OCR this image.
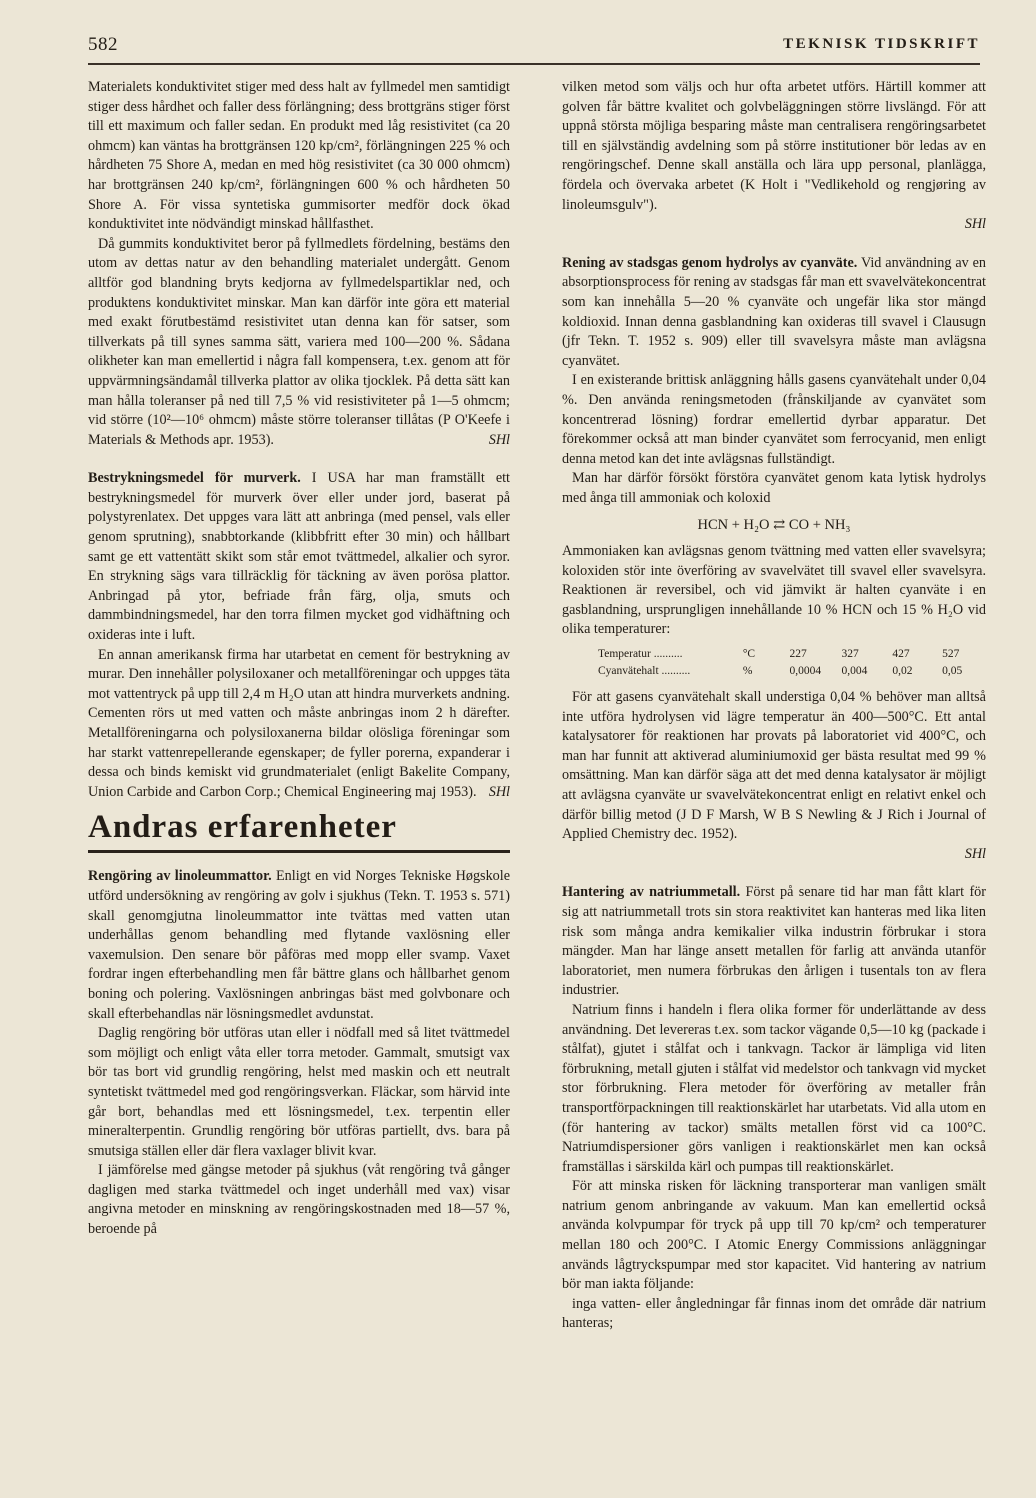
582	TEKNISK TIDSKRIFT

Materialets konduktivitet stiger med dess halt av fyllmedel men samtidigt stiger dess hårdhet och faller dess förlängning; dess brottgräns stiger först till ett maximum och faller sedan. En produkt med låg resistivitet (ca 20 ohmcm) kan väntas ha brottgränsen 120 kp/cm², förlängningen 225 % och hårdheten 75 Shore A, medan en med hög resistivitet (ca 30 000 ohmcm) har brottgränsen 240 kp/cm², förlängningen 600 % och hårdheten 50 Shore A. För vissa syntetiska gummisorter medför dock ökad konduktivitet inte nödvändigt minskad hållfasthet.

Då gummits konduktivitet beror på fyllmedlets fördelning, bestäms den utom av dettas natur av den behandling materialet undergått. Genom alltför god blandning bryts kedjorna av fyllmedelspartiklar ned, och produktens konduktivitet minskar. Man kan därför inte göra ett material med exakt förutbestämd resistivitet utan denna kan för satser, som tillverkats på till synes samma sätt, variera med 100—200 %. Sådana olikheter kan man emellertid i några fall kompensera, t.ex. genom att för uppvärmningsändamål tillverka plattor av olika tjocklek. På detta sätt kan man hålla toleranser på ned till 7,5 % vid resistiviteter på 1—5 ohmcm; vid större (10²—10⁶ ohmcm) måste större toleranser tillåtas (P O'Keefe i Materials & Methods apr. 1953).	SHl

Bestrykningsmedel för murverk. I USA har man framställt ett bestrykningsmedel för murverk över eller under jord, baserat på polystyrenlatex. Det uppges vara lätt att anbringa (med pensel, vals eller genom sprutning), snabbtorkande (klibbfritt efter 30 min) och hållbart samt ge ett vattentätt skikt som står emot tvättmedel, alkalier och syror. En strykning sägs vara tillräcklig för täckning av även porösa plattor. Anbringad på ytor, befriade från färg, olja, smuts och dammbindningsmedel, har den torra filmen mycket god vidhäftning och oxideras inte i luft.

En annan amerikansk firma har utarbetat en cement för bestrykning av murar. Den innehåller polysiloxaner och metallföreningar och uppges täta mot vattentryck på upp till 2,4 m H₂O utan att hindra murverkets andning. Cementen rörs ut med vatten och måste anbringas inom 2 h därefter. Metallföreningarna och polysiloxanerna bildar olösliga föreningar som har starkt vattenrepellerande egenskaper; de fyller porerna, expanderar i dessa och binds kemiskt vid grundmaterialet (enligt Bakelite Company, Union Carbide and Carbon Corp.; Chemical Engineering maj 1953). SHl

Andras erfarenheter

Rengöring av linoleummattor. Enligt en vid Norges Tekniske Høgskole utförd undersökning av rengöring av golv i sjukhus (Tekn. T. 1953 s. 571) skall genomgjutna linoleummattor inte tvättas med vatten utan underhållas genom behandling med flytande vaxlösning eller vaxemulsion. Den senare bör påföras med mopp eller svamp. Vaxet fordrar ingen efterbehandling men får bättre glans och hållbarhet genom boning och polering. Vaxlösningen anbringas bäst med golvbonare och skall efterbehandlas när lösningsmedlet avdunstat.

Daglig rengöring bör utföras utan eller i nödfall med så litet tvättmedel som möjligt och enligt våta eller torra metoder. Gammalt, smutsigt vax bör tas bort vid grundlig rengöring, helst med maskin och ett neutralt syntetiskt tvättmedel med god rengöringsverkan. Fläckar, som härvid inte går bort, behandlas med ett lösningsmedel, t.ex. terpentin eller mineralterpentin. Grundlig rengöring bör utföras partiellt, dvs. bara på smutsiga ställen eller där flera vaxlager blivit kvar.

I jämförelse med gängse metoder på sjukhus (våt rengöring två gånger dagligen med starka tvättmedel och inget underhåll med vax) visar angivna metoder en minskning av rengöringskostnaden med 18—57 %, beroende på

vilken metod som väljs och hur ofta arbetet utförs. Härtill kommer att golven får bättre kvalitet och golvbeläggningen större livslängd. För att uppnå största möjliga besparing måste man centralisera rengöringsarbetet till en självständig avdelning som på större institutioner bör ledas av en rengöringschef. Denne skall anställa och lära upp personal, planlägga, fördela och övervaka arbetet (K Holt i "Vedlikehold og rengjøring av linoleumsgulv").

SHl

Rening av stadsgas genom hydrolys av cyanväte. Vid användning av en absorptionsprocess för rening av stadsgas får man ett svavelvätekoncentrat som kan innehålla 5—20 % cyanväte och ungefär lika stor mängd koldioxid. Innan denna gasblandning kan oxideras till svavel i Clausugn (jfr Tekn. T. 1952 s. 909) eller till svavelsyra måste man avlägsna cyanvätet.

I en existerande brittisk anläggning hålls gasens cyanvätehalt under 0,04 %. Den använda reningsmetoden (frånskiljande av cyanvätet som koncentrerad lösning) fordrar emellertid dyrbar apparatur. Det förekommer också att man binder cyanvätet som ferrocyanid, men enligt denna metod kan det inte avlägsnas fullständigt.

Man har därför försökt förstöra cyanvätet genom kata lytisk hydrolys med ånga till ammoniak och koloxid

HCN + H₂O ⇄ CO + NH₃

Ammoniaken kan avlägsnas genom tvättning med vatten eller svavelsyra; koloxiden stör inte överföring av svavelvätet till svavel eller svavelsyra. Reaktionen är reversibel, och vid jämvikt är halten cyanväte i en gasblandning, ursprungligen innehållande 10 % HCN och 15 % H₂O vid olika temperaturer:

Temperatur ..........	°C	227	327	427	527
Cyanvätehalt ..........	%	0,0004	0,004	0,02	0,05

För att gasens cyanvätehalt skall understiga 0,04 % behöver man alltså inte utföra hydrolysen vid lägre temperatur än 400—500°C. Ett antal katalysatorer för reaktionen har provats på laboratoriet vid 400°C, och man har funnit att aktiverad aluminiumoxid ger bästa resultat med 99 % omsättning. Man kan därför säga att det med denna katalysator är möjligt att avlägsna cyanväte ur svavelvätekoncentrat enligt en relativt enkel och därför billig metod (J D F Marsh, W B S Newling & J Rich i Journal of Applied Chemistry dec. 1952).

SHl

Hantering av natriummetall. Först på senare tid har man fått klart för sig att natriummetall trots sin stora reaktivitet kan hanteras med lika liten risk som många andra kemikalier vilka industrin förbrukar i stora mängder. Man har länge ansett metallen för farlig att använda utanför laboratoriet, men numera förbrukas den årligen i tusentals ton av flera industrier.

Natrium finns i handeln i flera olika former för underlättande av dess användning. Det levereras t.ex. som tackor vägande 0,5—10 kg (packade i stålfat), gjutet i stålfat och i tankvagn. Tackor är lämpliga vid liten förbrukning, metall gjuten i stålfat vid medelstor och tankvagn vid mycket stor förbrukning. Flera metoder för överföring av metaller från transportförpackningen till reaktionskärlet har utarbetats. Vid alla utom en (för hantering av tackor) smälts metallen först vid ca 100°C. Natriumdispersioner görs vanligen i reaktionskärlet men kan också framställas i särskilda kärl och pumpas till reaktionskärlet.

För att minska risken för läckning transporterar man vanligen smält natrium genom anbringande av vakuum. Man kan emellertid också använda kolvpumpar för tryck på upp till 70 kp/cm² och temperaturer mellan 180 och 200°C. I Atomic Energy Commissions anläggningar används lågtryckspumpar med stor kapacitet. Vid hantering av natrium bör man iakta följande:

inga vatten- eller ångledningar får finnas inom det område där natrium hanteras;
